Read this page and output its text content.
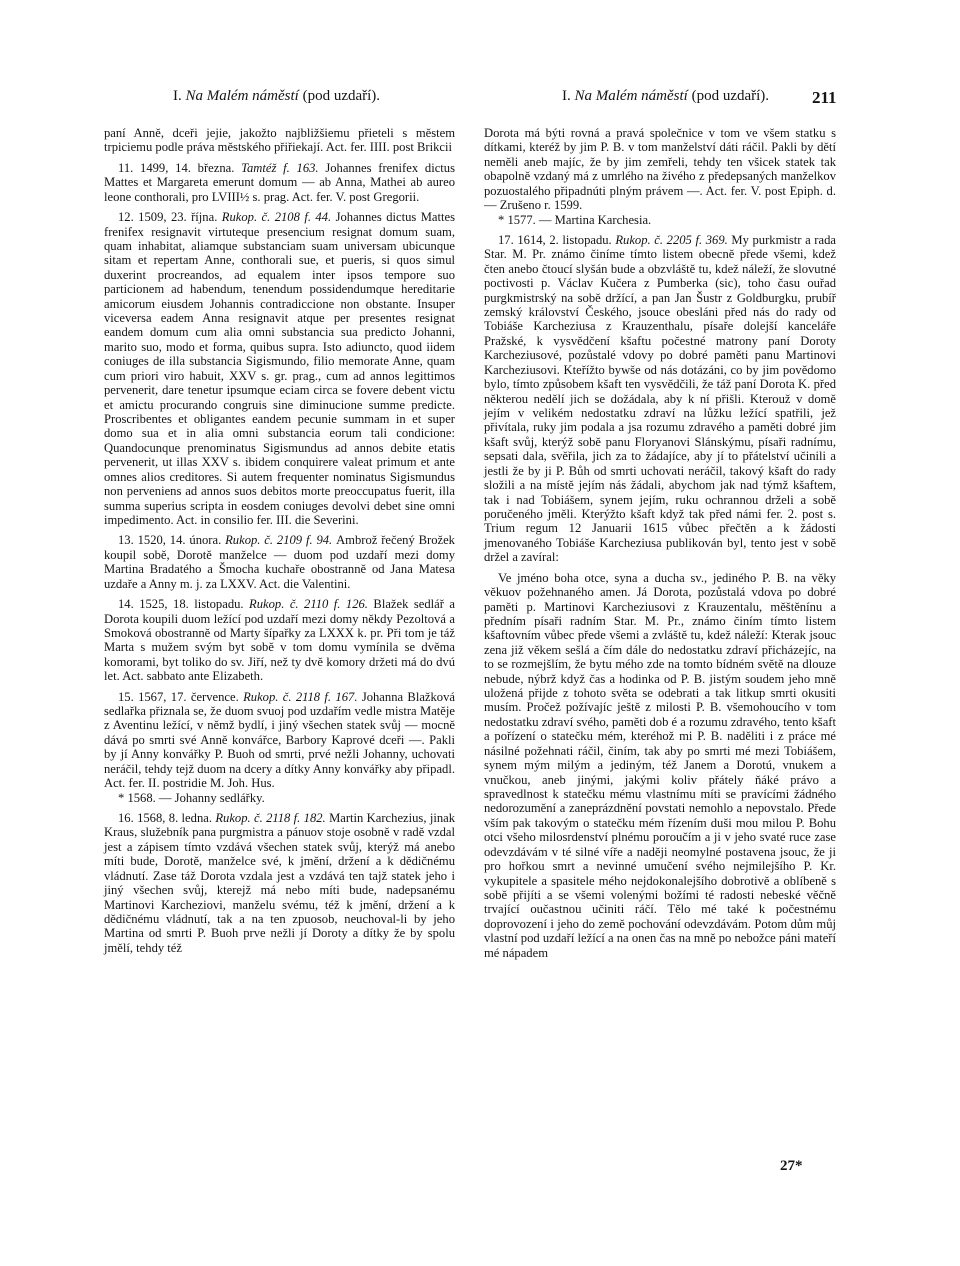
I. Na Malém náměstí (pod uzdaří).	I. Na Malém náměstí (pod uzdaří).	211

paní Anně, dceři jejie, jakožto najbližšiemu přieteli s městem trpiciemu podle práva městského přiřiekají. Act. fer. IIII. post Brikcii

11. 1499, 14. března. Tamtéž f. 163. Johannes frenifex dictus Mattes et Margareta emerunt domum — ab Anna, Mathei ab aureo leone conthorali, pro LVIII½ s. prag. Act. fer. V. post Gregorii.

12. 1509, 23. října. Rukop. č. 2108 f. 44. Johannes dictus Mattes frenifex resignavit virtuteque presencium resignat domum suam, quam inhabitat, aliamque substanciam suam universam ubicunque sitam et repertam Anne, conthorali sue, et pueris, si quos simul duxerint procreandos, ad equalem inter ipsos tempore suo particionem ad habendum, tenendum possidendumque hereditarie amicorum eiusdem Johannis contradiccione non obstante. Insuper viceversa eadem Anna resignavit atque per presentes resignat eandem domum cum alia omni substancia sua predicto Johanni, marito suo, modo et forma, quibus supra. Isto adiuncto, quod iidem coniuges de illa substancia Sigismundo, filio memorate Anne, quam cum priori viro habuit, XXV s. gr. prag., cum ad annos legittimos pervenerit, dare tenetur ipsumque eciam circa se fovere debent victu et amictu procurando congruis sine diminucione summe predicte. Proscribentes et obligantes eandem pecunie summam in et super domo sua et in alia omni substancia eorum tali condicione: Quandocunque prenominatus Sigismundus ad annos debite etatis pervenerit, ut illas XXV s. ibidem conquirere valeat primum et ante omnes alios creditores. Si autem frequenter nominatus Sigismundus non perveniens ad annos suos debitos morte preoccupatus fuerit, illa summa superius scripta in eosdem coniuges devolvi debet sine omni impedimento. Act. in consilio fer. III. die Severini.

13. 1520, 14. února. Rukop. č. 2109 f. 94. Ambrož řečený Brožek koupil sobě, Dorotě manželce — duom pod uzdaří mezi domy Martina Bradatého a Šmocha kuchaře obostranně od Jana Matesa uzdaře a Anny m. j. za LXXV. Act. die Valentini.

14. 1525, 18. listopadu. Rukop. č. 2110 f. 126. Blažek sedlář a Dorota koupili duom ležící pod uzdaří mezi domy někdy Pezoltová a Smoková obostranně od Marty šípařky za LXXX k. pr. Při tom je táž Marta s mužem svým byt sobě v tom domu vymínila se dvěma komorami, byt toliko do sv. Jiří, než ty dvě komory držeti má do dvú let. Act. sabbato ante Elizabeth.

15. 1567, 17. července. Rukop. č. 2118 f. 167. Johanna Blažková sedlařka přiznala se, že duom svuoj pod uzdařím vedle mistra Matěje z Aventinu ležící, v němž bydlí, i jiný všechen statek svůj — mocně dává po smrti své Anně konvářce, Barbory Kaprové dceři —. Pakli by jí Anny konvářky P. Buoh od smrti, prvé nežli Johanny, uchovati neráčil, tehdy tejž duom na dcery a dítky Anny konvářky aby připadl. Act. fer. II. postridie M. Joh. Hus.

* 1568. — Johanny sedlářky.

16. 1568, 8. ledna. Rukop. č. 2118 f. 182. Martin Karchezius, jinak Kraus, služebník pana purgmistra a pánuov stoje osobně v radě vzdal jest a zápisem tímto vzdává všechen statek svůj, kterýž má anebo míti bude, Dorotě, manželce své, k jmění, držení a k dědičnému vládnutí. Zase táž Dorota vzdala jest a vzdává ten tajž statek jeho i jiný všechen svůj, kterejž má nebo míti bude, nadepsanému Martinovi Karcheziovi, manželu svému, též k jmění, držení a k dědičnému vládnutí, tak a na ten zpuosob, neuchoval-li by jeho Martina od smrti P. Buoh prve nežli jí Doroty a dítky že by spolu jmělí, tehdy též

Dorota má býti rovná a pravá společnice v tom ve všem statku s dítkami, kteréž by jim P. B. v tom manželství dáti ráčil. Pakli by dětí neměli aneb majíc, že by jim zemřeli, tehdy ten všicek statek tak obapolně vzdaný má z umrlého na živého z předepsaných manželkov pozuostalého připadnúti plným právem —. Act. fer. V. post Epiph. d. — Zrušeno r. 1599.

* 1577. — Martina Karchesia.

17. 1614, 2. listopadu. Rukop. č. 2205 f. 369. My purkmistr a rada Star. M. Pr. známo činíme tímto listem obecně přede všemi, kdež čten anebo čtoucí slyšán bude a obzvláště tu, kdež náleží, že slovutné poctivosti p. Václav Kučera z Pumberka (sic), toho času ouřad purgkmistrský na sobě držící, a pan Jan Šustr z Goldburgku, prubíř zemský království Českého, jsouce obesláni před nás do rady od Tobiáše Karcheziusa z Krauzenthalu, písaře dolejší kanceláře Pražské, k vysvědčení kšaftu počestné matrony paní Doroty Karcheziusové, pozůstalé vdovy po dobré paměti panu Martinovi Karcheziusovi. Kteřížto bywše od nás dotázáni, co by jim povědomo bylo, tímto způsobem kšaft ten vysvědčili, že táž paní Dorota K. před některou nedělí jich se dožádala, aby k ní přišli. Kterouž v domě jejím v velikém nedostatku zdraví na lůžku ležící spatřili, jež přivítala, ruky jim podala a jsa rozumu zdravého a paměti dobré jim kšaft svůj, kterýž sobě panu Floryanovi Slánskýmu, písaři radnímu, sepsati dala, svěřila, jich za to žádajíce, aby jí to přátelství učinili a jestli že by ji P. Bůh od smrti uchovati neráčil, takový kšaft do rady složili a na místě jejím nás žádali, abychom jak nad týmž kšaftem, tak i nad Tobiášem, synem jejím, ruku ochrannou drželi a sobě poručeného jměli. Kterýžto kšaft když tak před námi fer. 2. post s. Trium regum 12 Januarii 1615 vůbec přečtěn a k žádosti jmenovaného Tobiáše Karcheziusa publikován byl, tento jest v sobě držel a zavíral:

Ve jméno boha otce, syna a ducha sv., jediného P. B. na věky věkuov požehnaného amen. Já Dorota, pozůstalá vdova po dobré paměti p. Martinovi Karcheziusovi z Krauzentalu, měštěnínu a předním písaři radním Star. M. Pr., známo činím tímto listem kšaftovním vůbec přede všemi a zvláště tu, kdež náleží: Kterak jsouc zena již věkem sešlá a čím dále do nedostatku zdraví přicházejíc, na to se rozmejšlím, že bytu mého zde na tomto bídném světě na dlouze nebude, nýbrž když čas a hodinka od P. B. jistým soudem jeho mně uložená přijde z tohoto světa se odebrati a tak litkup smrti okusiti musím. Pročež požívajíc ještě z milosti P. B. všemohoucího v tom nedostatku zdraví svého, paměti dob é a rozumu zdravého, tento kšaft a pořízení o statečku mém, kteréhož mi P. B. naděliti i z práce mé násilné požehnati ráčil, činím, tak aby po smrti mé mezi Tobiášem, synem mým milým a jediným, též Janem a Dorotú, vnukem a vnučkou, aneb jinými, jakými koliv přátely ňáké právo a spravedlnost k statečku mému vlastnímu míti se pravícími žádného nedorozumění a zaneprázdnění povstati nemohlo a nepovstalo. Přede vším pak takovým o statečku mém řízením duši mou milou P. Bohu otci všeho milosrdenství plnému poroučím a ji v jeho svaté ruce zase odevzdávám v té silné víře a naději neomylné postavena jsouc, že ji pro hořkou smrt a nevinné umučení svého nejmilejšího P. Kr. vykupitele a spasitele mého nejdokonalejšího dobrotivě a oblíbeně s sobě přijíti a se všemi volenými božími té radosti nebeské věčně trvající oučastnou učiniti ráčí. Tělo mé také k počestnému doprovození i jeho do země pochování odevzdávám. Potom dům můj vlastní pod uzdaří ležící a na onen čas na mně po nebožce páni mateří mé nápadem

27*
